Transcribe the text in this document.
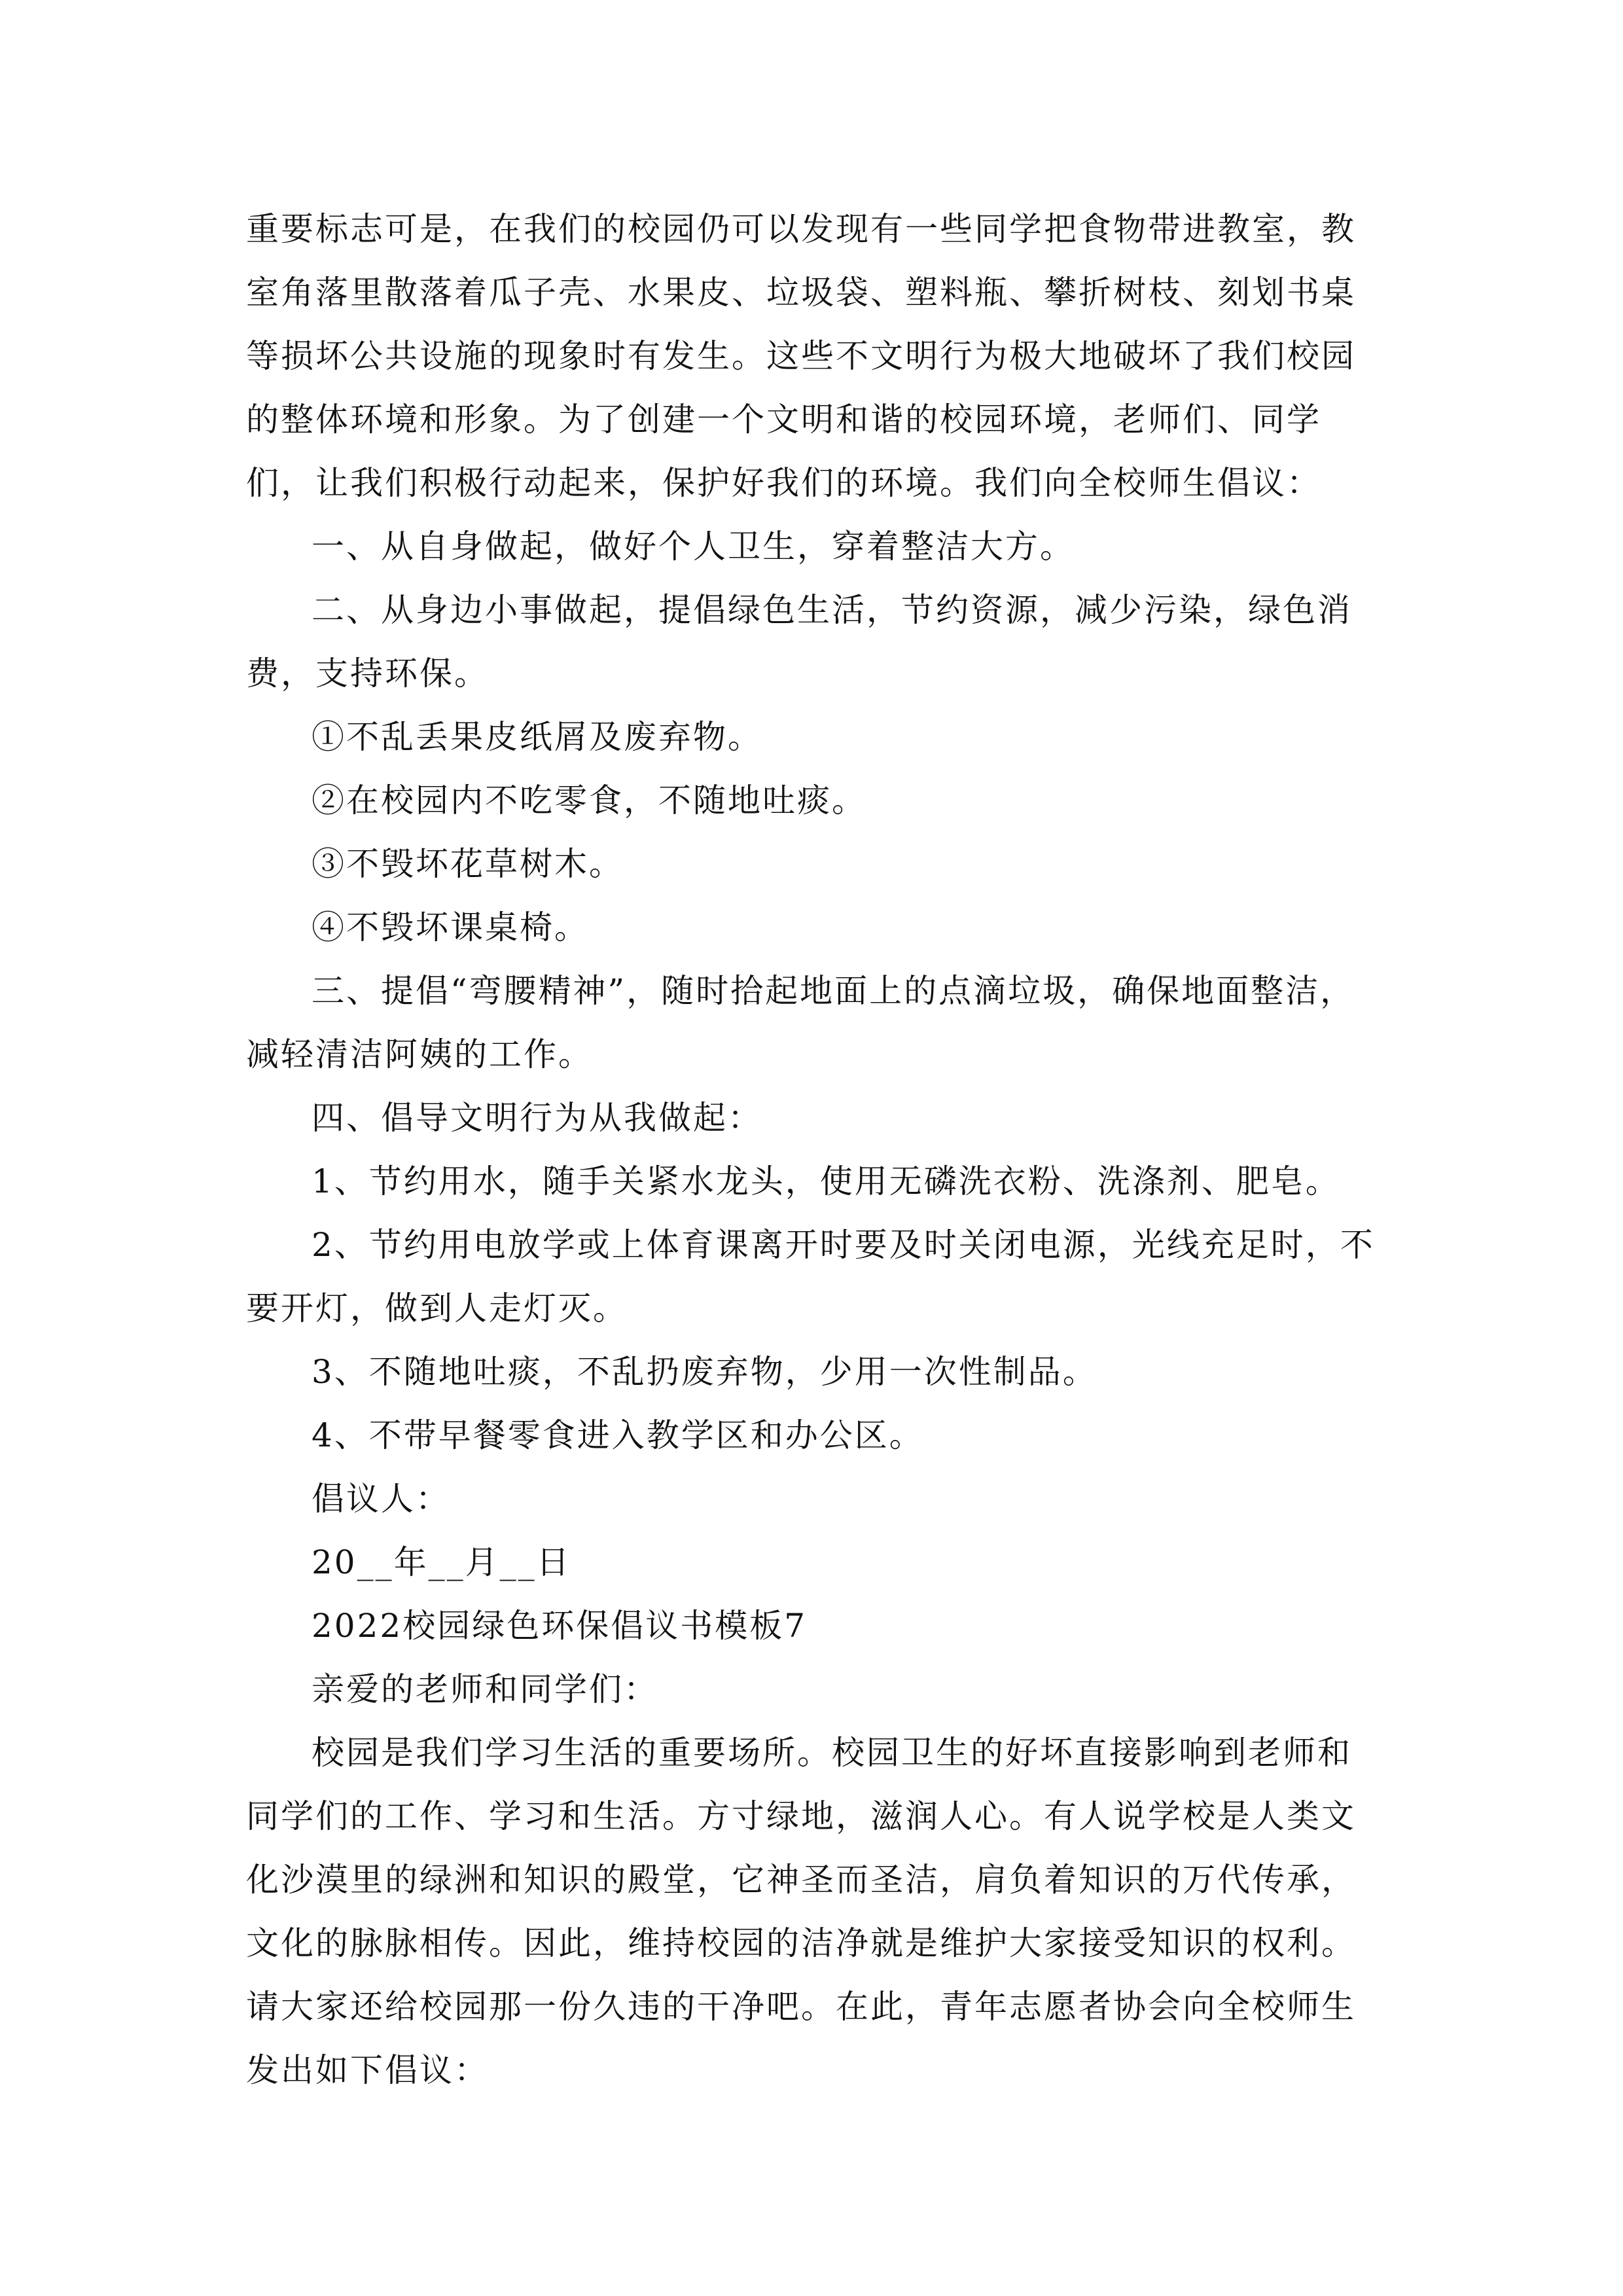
重要标志可是，在我们的校园仍可以发现有一些同学把食物带进教室，教室角落里散落着瓜子壳、水果皮、垃圾袋、塑料瓶、攀折树枝、刻划书桌等损坏公共设施的现象时有发生。这些不文明行为极大地破坏了我们校园的整体环境和形象。为了创建一个文明和谐的校园环境，老师们、同学们，让我们积极行动起来，保护好我们的环境。我们向全校师生倡议：

一、从自身做起，做好个人卫生，穿着整洁大方。

二、从身边小事做起，提倡绿色生活，节约资源，减少污染，绿色消费，支持环保。

①不乱丢果皮纸屑及废弃物。

②在校园内不吃零食，不随地吐痰。

③不毁坏花草树木。

④不毁坏课桌椅。

三、提倡“弯腰精神”，随时拾起地面上的点滴垃圾，确保地面整洁，减轻清洁阿姨的工作。

四、倡导文明行为从我做起：

1、节约用水，随手关紧水龙头，使用无磷洗衣粉、洗涤剂、肥皂。

2、节约用电放学或上体育课离开时要及时关闭电源，光线充足时，不要开灯，做到人走灯灭。

3、不随地吐痰，不乱扔废弃物，少用一次性制品。

4、不带早餐零食进入教学区和办公区。

倡议人：

20__年__月__日

2022校园绿色环保倡议书模板7

亲爱的老师和同学们：

校园是我们学习生活的重要场所。校园卫生的好坏直接影响到老师和同学们的工作、学习和生活。方寸绿地，滋润人心。有人说学校是人类文化沙漠里的绿洲和知识的殿堂，它神圣而圣洁，肩负着知识的万代传承，文化的脉脉相传。因此，维持校园的洁净就是维护大家接受知识的权利。请大家还给校园那一份久违的干净吧。在此，青年志愿者协会向全校师生发出如下倡议：
